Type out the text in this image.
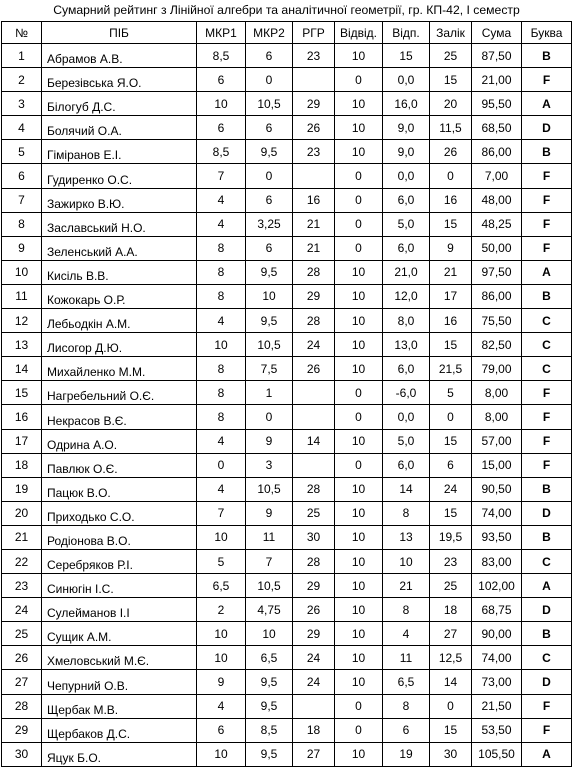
Сумарний рейтинг з Лінійної алгебри та аналітичної геометрії, гр. КП-42, І семестр
№	ПІБ	МКР1	МКР2	РГР	Відвід.	Відп.	Залік	Сума	Буква
1	Абрамов А.В.	8,5	6	23	10	15	25	87,50	B
2	Березівська Я.О.	6	0		0	0,0	15	21,00	F
3	Білогуб Д.С.	10	10,5	29	10	16,0	20	95,50	A
4	Болячий О.А.	6	6	26	10	9,0	11,5	68,50	D
5	Гіміранов Е.І.	8,5	9,5	23	10	9,0	26	86,00	B
6	Гудиренко О.С.	7	0		0	0,0	0	7,00	F
7	Зажирко В.Ю.	4	6	16	0	6,0	16	48,00	F
8	Заславський Н.О.	4	3,25	21	0	5,0	15	48,25	F
9	Зеленський А.А.	8	6	21	0	6,0	9	50,00	F
10	Кисіль В.В.	8	9,5	28	10	21,0	21	97,50	A
11	Кожокарь О.Р.	8	10	29	10	12,0	17	86,00	B
12	Лебьодкін А.М.	4	9,5	28	10	8,0	16	75,50	C
13	Лисогор Д.Ю.	10	10,5	24	10	13,0	15	82,50	C
14	Михайленко М.М.	8	7,5	26	10	6,0	21,5	79,00	C
15	Нагребельний О.Є.	8	1		0	-6,0	5	8,00	F
16	Некрасов В.Є.	8	0		0	0,0	0	8,00	F
17	Одрина А.О.	4	9	14	10	5,0	15	57,00	F
18	Павлюк О.Є.	0	3		0	6,0	6	15,00	F
19	Пацюк В.О.	4	10,5	28	10	14	24	90,50	B
20	Приходько С.О.	7	9	25	10	8	15	74,00	D
21	Родіонова В.О.	10	11	30	10	13	19,5	93,50	B
22	Серебряков Р.І.	5	7	28	10	10	23	83,00	C
23	Синюгін І.С.	6,5	10,5	29	10	21	25	102,00	A
24	Сулейманов І.І	2	4,75	26	10	8	18	68,75	D
25	Сущик А.М.	10	10	29	10	4	27	90,00	B
26	Хмеловський М.Є.	10	6,5	24	10	11	12,5	74,00	C
27	Чепурний О.В.	9	9,5	24	10	6,5	14	73,00	D
28	Щербак М.В.	4	9,5		0	8	0	21,50	F
29	Щербаков Д.С.	6	8,5	18	0	6	15	53,50	F
30	Яцук Б.О.	10	9,5	27	10	19	30	105,50	A
